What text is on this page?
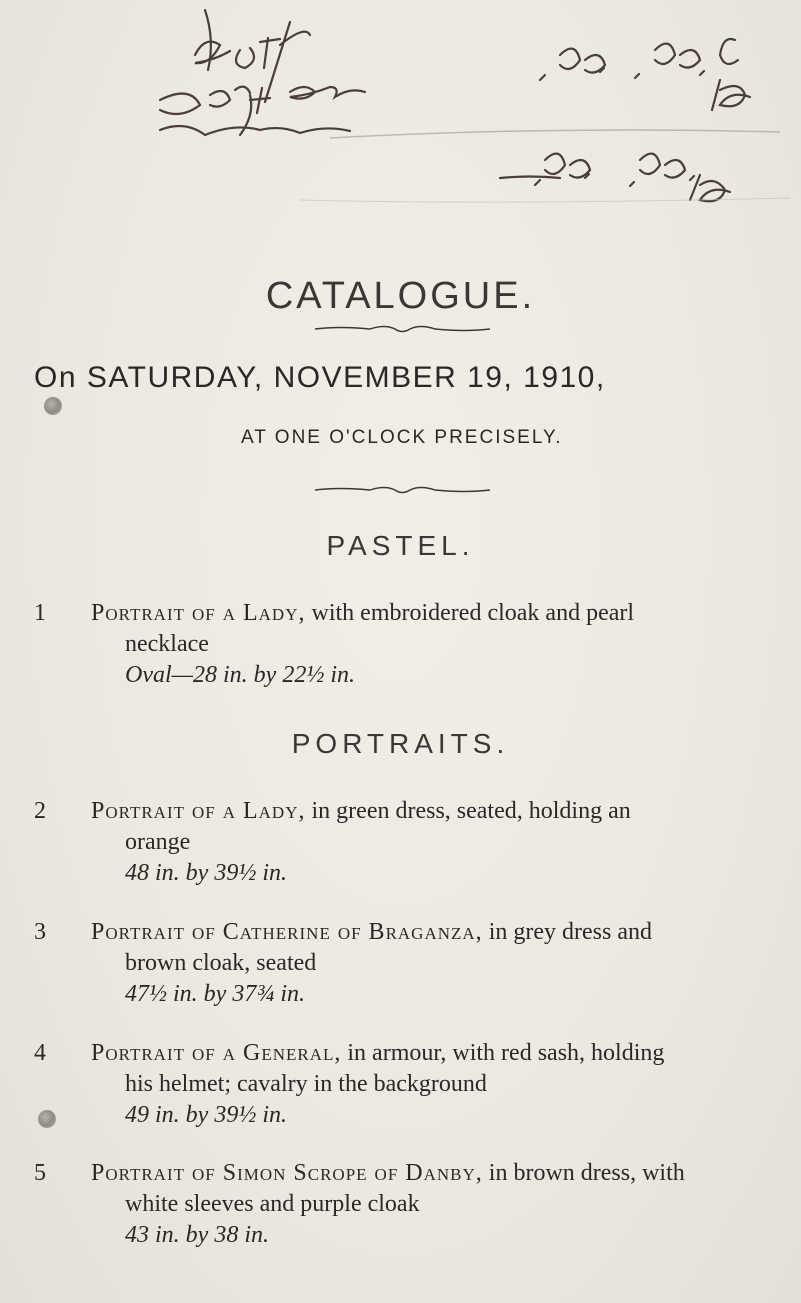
CATALOGUE.
On SATURDAY, NOVEMBER 19, 1910,
AT ONE O'CLOCK PRECISELY.
PASTEL.
1	Portrait of a Lady, with embroidered cloak and pearl
necklace
Oval—28 in. by 22½ in.
PORTRAITS.
2	Portrait of a Lady, in green dress, seated, holding an
orange
48 in. by 39½ in.
3	Portrait of Catherine of Braganza, in grey dress and
brown cloak, seated
47½ in. by 37¾ in.
4	Portrait of a General, in armour, with red sash, holding
his helmet; cavalry in the background
49 in. by 39½ in.
5	Portrait of Simon Scrope of Danby, in brown dress, with
white sleeves and purple cloak
43 in. by 38 in.
